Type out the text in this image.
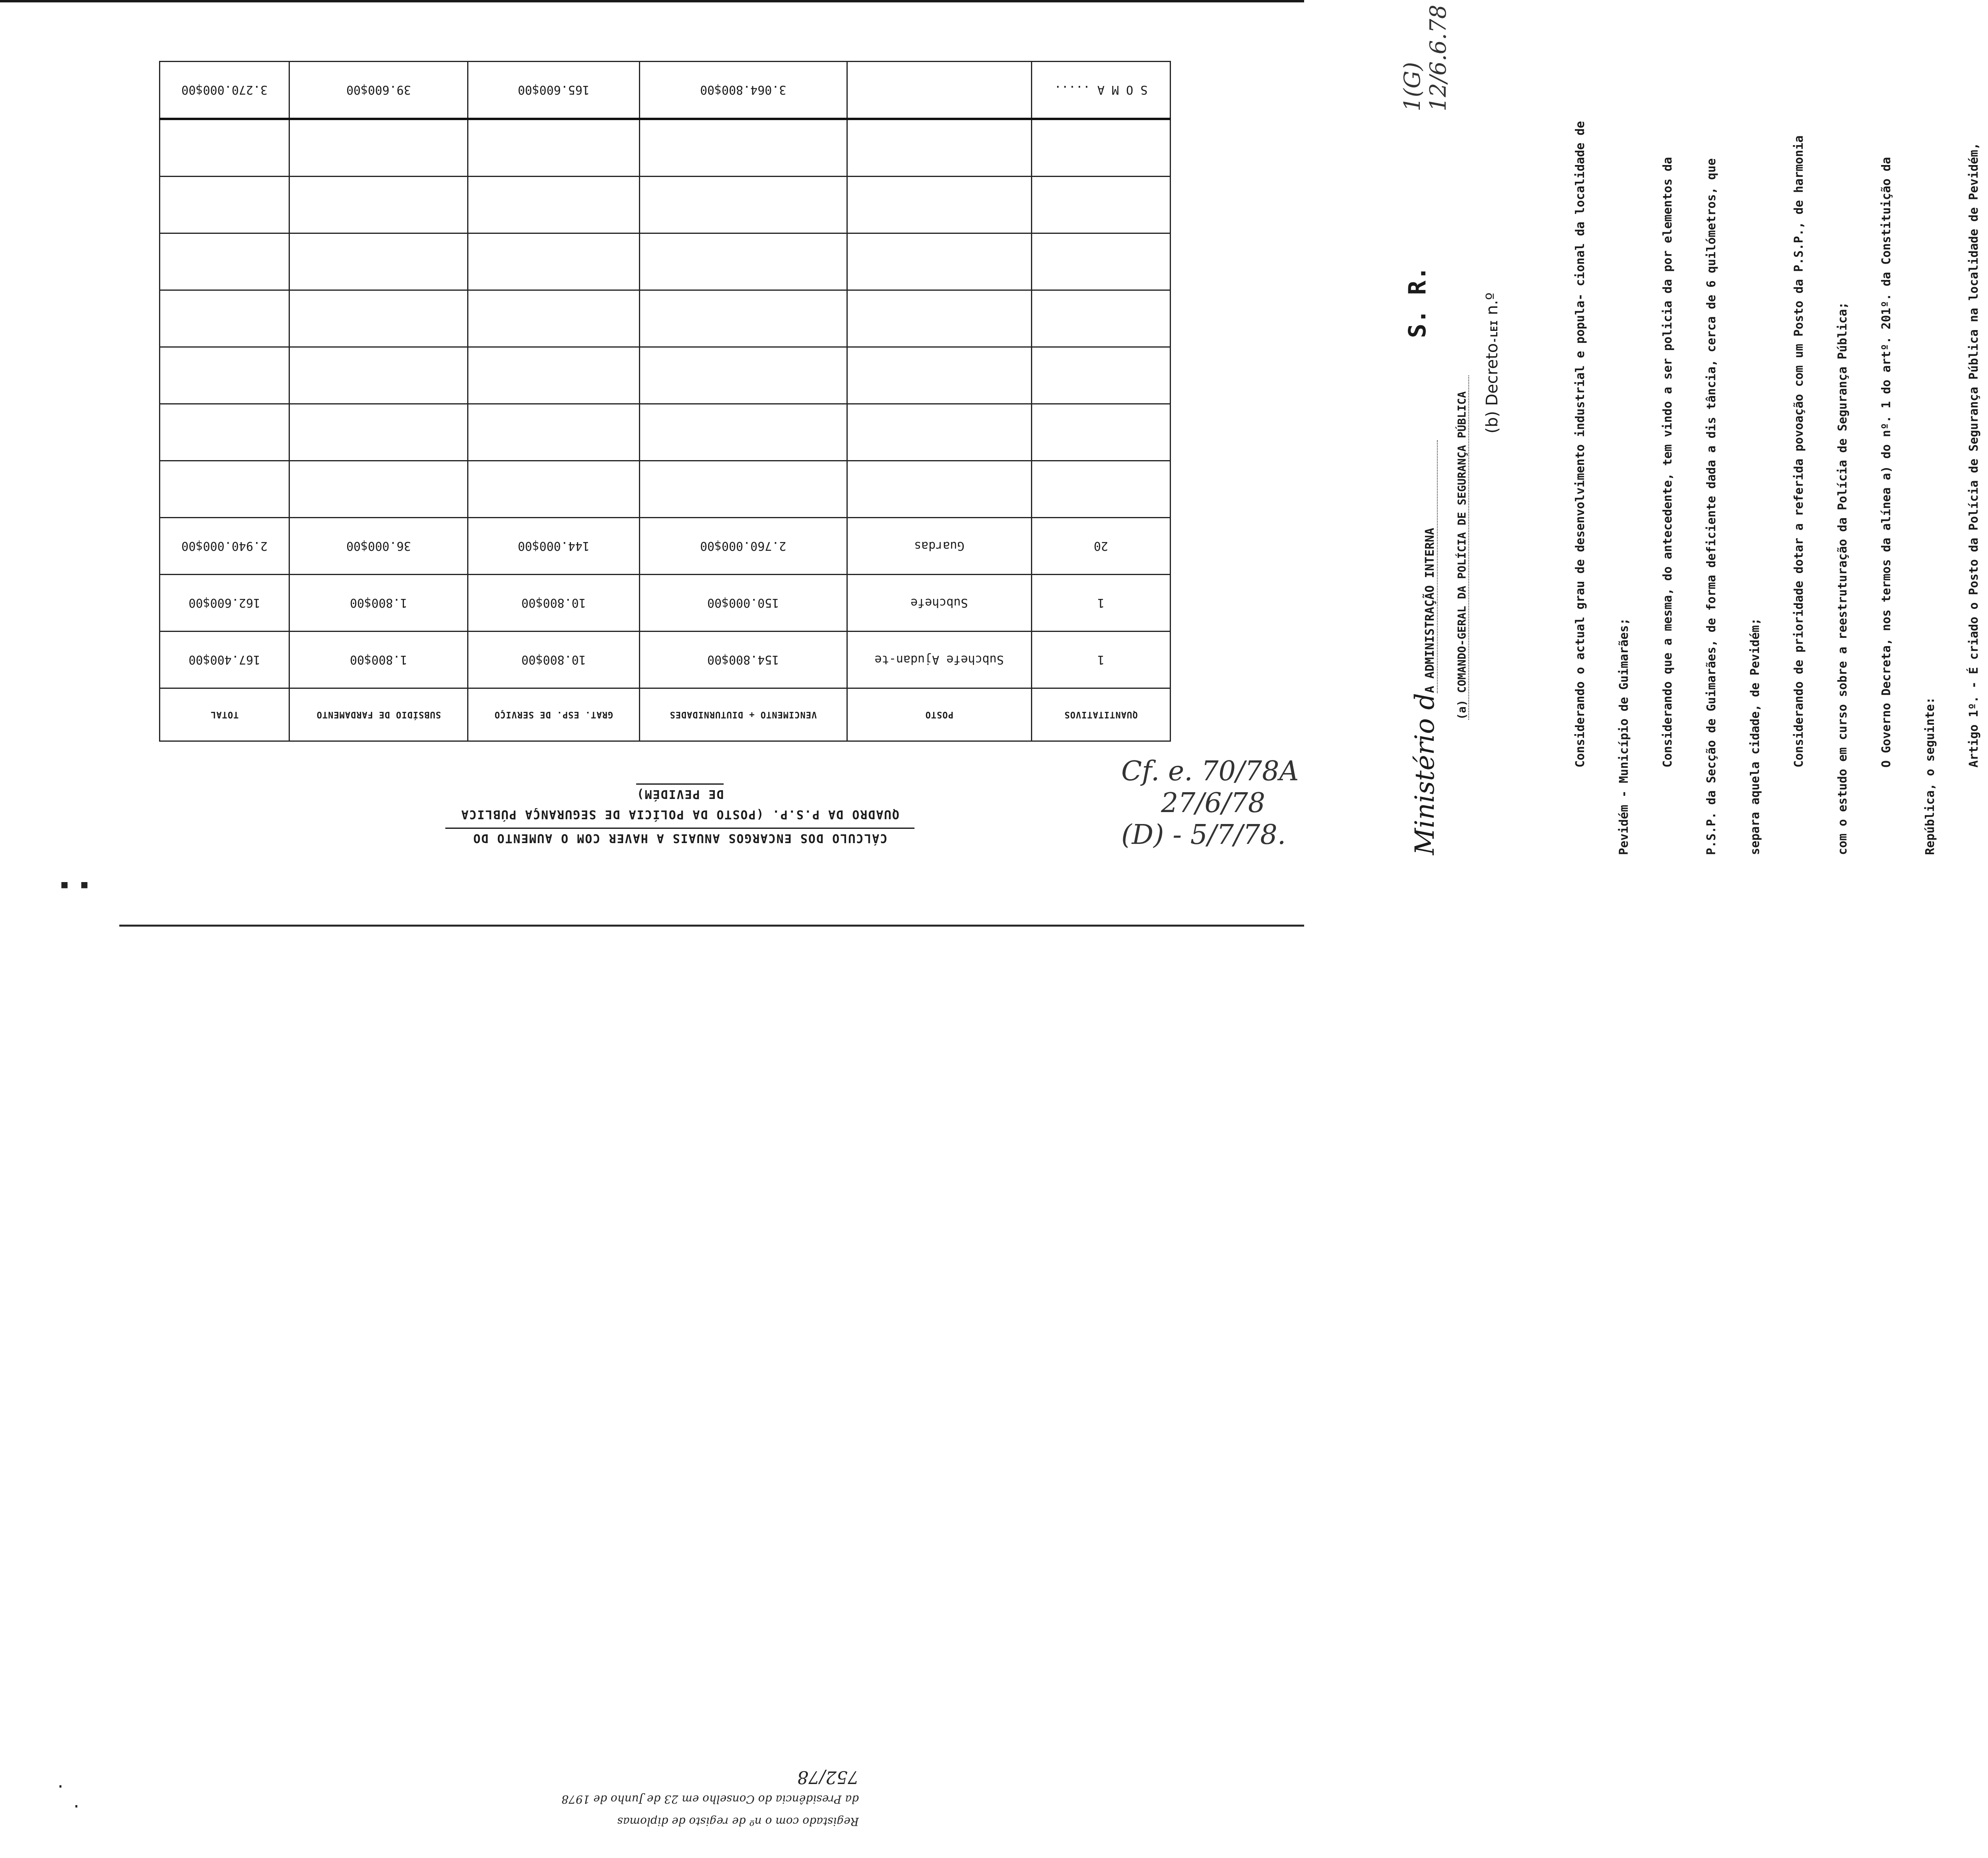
CÁLCULO DOS ENCARGOS ANUAIS A HAVER COM O AUMENTO DO
QUADRO DA P.S.P. (POSTO DA POLÍCIA DE SEGURANÇA PÚBLICA
DE PEVIDÉM)
QUANTITATIVOS	POSTO	VENCIMENTO + DIUTURNIDADES	GRAT. ESP. DE SERVIÇO	SUBSÍDIO DE FARDAMENTO	TOTAL
1	Subchefe Ajudan-te	154.800$00	10.800$00	1.800$00	167.400$00
1	Subchefe	150.000$00	10.800$00	1.800$00	162.600$00
20	Guardas	2.760.000$00	144.000$00	36.000$00	2.940.000$00

S O M A .....		3.064.800$00	165.600$00	39.600$00	3.270.000$00
Cf. e. 70/78A
27/6/78
(D) - 5/7/78.	Ministério dA ADMINISTRAÇÃO INTERNA
S. R.
1(G) 12/6.6.78
(a) COMANDO-GERAL DA POLÍCIA DE SEGURANÇA PÚBLICA (b) Decreto-LEI n.º	Considerando o actual grau de desenvolvimento industrial e popula- cional da localidade de Pevidém - Município de Guimarães;	Considerando que a mesma, do antecedente, tem vindo a ser policia da por elementos da P.S.P. da Secção de Guimarães, de forma deficiente dada a dis tância, cerca de 6 quilómetros, que separa aquela cidade, de Pevidém;	Considerando de prioridade dotar a referida povoação com um Posto da P.S.P., de harmonia com o estudo em curso sobre a reestruturação da Polícia de Segurança Pública;	O Governo Decreta, nos termos da alínea a) do nº. 1 do artº. 201º. da Constituição da República, o seguinte:	Artigo 1º. - É criado o Posto da Polícia de Segurança Pública na localidade de Pevidém,

Registado com o nº de registo de diplomas
da Presidência do Conselho em 23 de Junho de 1978
752/78
▪ ▪
·
·
